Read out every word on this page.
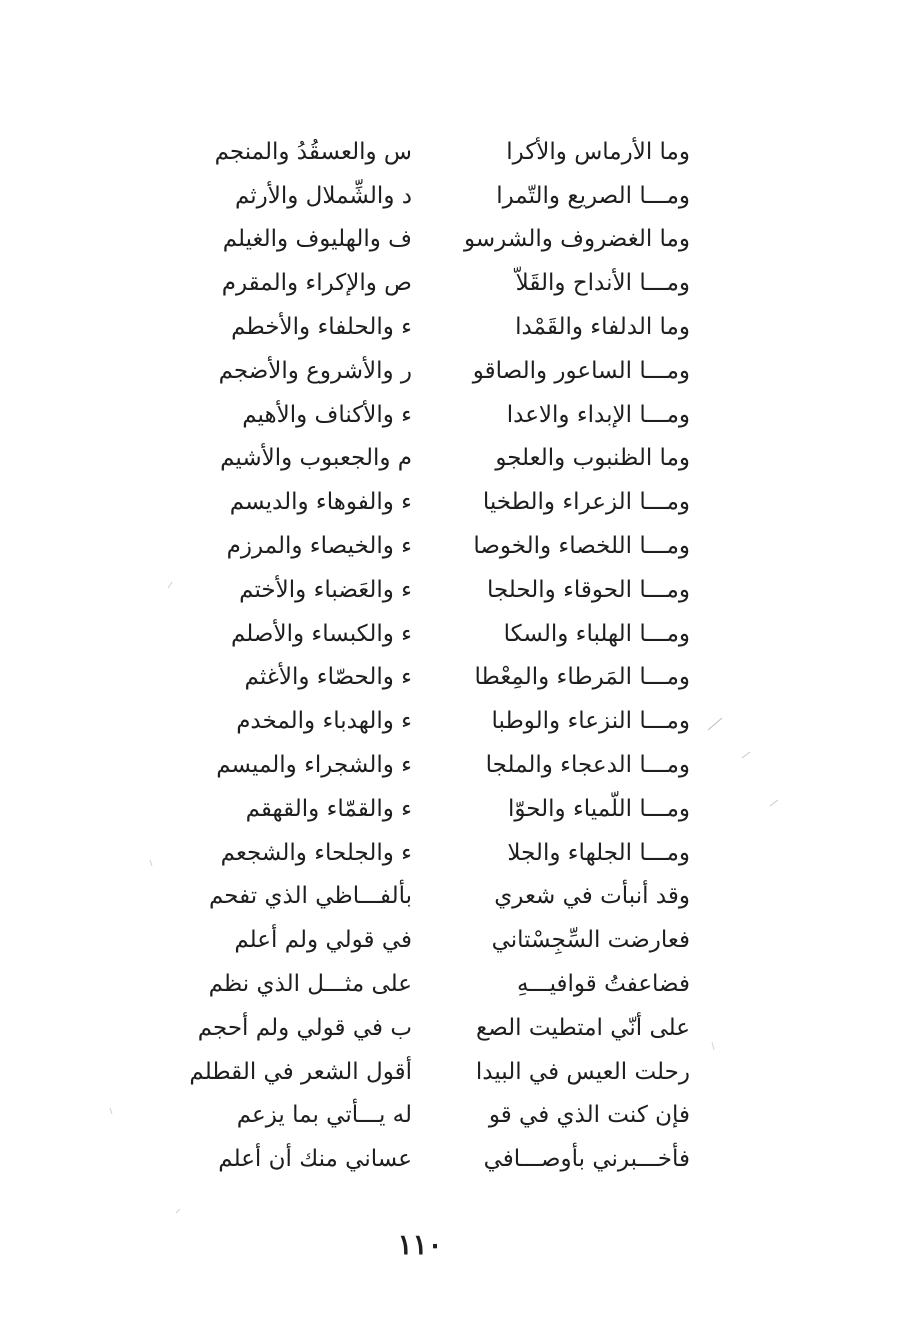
وما الأرماس والأكرا
س والعسقُدُ والمنجم
ومـــا الصريع والتّمرا
د والشِّملال والأرثم
وما الغضروف والشرسو
ف والهليوف والغيلم
ومـــا الأنداح والقَلاّ
ص والإكراء والمقرم
وما الدلفاء والقَمْدا
ء والحلفاء والأخطم
ومـــا الساعور والصاقو
ر والأشروع والأضجم
ومـــا الإبداء والاعدا
ء والأكناف والأهيم
وما الظنبوب والعلجو
م والجعبوب والأشيم
ومـــا الزعراء والطخيا
ء والفوهاء والديسم
ومـــا اللخصاء والخوصا
ء والخيصاء والمرزم
ومـــا الحوقاء والحلجا
ء والعَضباء والأختم
ومـــا الهلباء والسكا
ء والكبساء والأصلم
ومـــا المَرطاء والمِعْطا
ء والحصّاء والأغثم
ومـــا النزعاء والوطبا
ء والهدباء والمخدم
ومـــا الدعجاء والملجا
ء والشجراء والميسم
ومـــا اللّمياء والحوّا
ء والقمّاء والقهقم
ومـــا الجلهاء والجلا
ء والجلحاء والشجعم
وقد أنبأت في شعري
بألفـــاظي الذي تفحم
فعارضت السِّجِسْتاني
في قولي ولم أعلم
فضاعفتُ قوافيـــهِ
على مثـــل الذي نظم
على أنّي امتطيت الصع
ب في قولي ولم أحجم
رحلت العيس في البيدا
أقول الشعر في القطلم
فإن كنت الذي في قو
له يـــأتي بما يزعم
فأخـــبرني بأوصـــافي
عساني منك أن أعلم
١١٠
